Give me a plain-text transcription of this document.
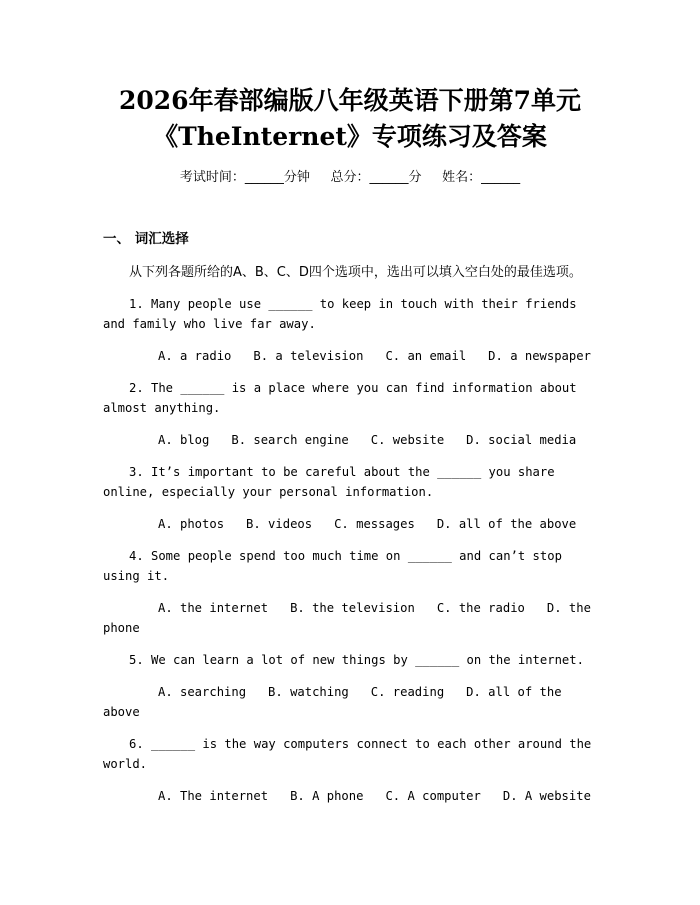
2026年春部编版八年级英语下册第7单元
《TheInternet》专项练习及答案
考试时间：______分钟     总分：______分     姓名：______
一、 词汇选择

从下列各题所给的A、B、C、D四个选项中，选出可以填入空白处的最佳选项。

1. Many people use ______ to keep in touch with their friends and family who live far away.

A. a radio   B. a television   C. an email   D. a newspaper

2. The ______ is a place where you can find information about almost anything.

A. blog   B. search engine   C. website   D. social media

3. It’s important to be careful about the ______ you share online, especially your personal information.

A. photos   B. videos   C. messages   D. all of the above

4. Some people spend too much time on ______ and can’t stop using it.

A. the internet   B. the television   C. the radio   D. the phone

5. We can learn a lot of new things by ______ on the internet.

A. searching   B. watching   C. reading   D. all of the above

6. ______ is the way computers connect to each other around the world.

A. The internet   B. A phone   C. A computer   D. A website
